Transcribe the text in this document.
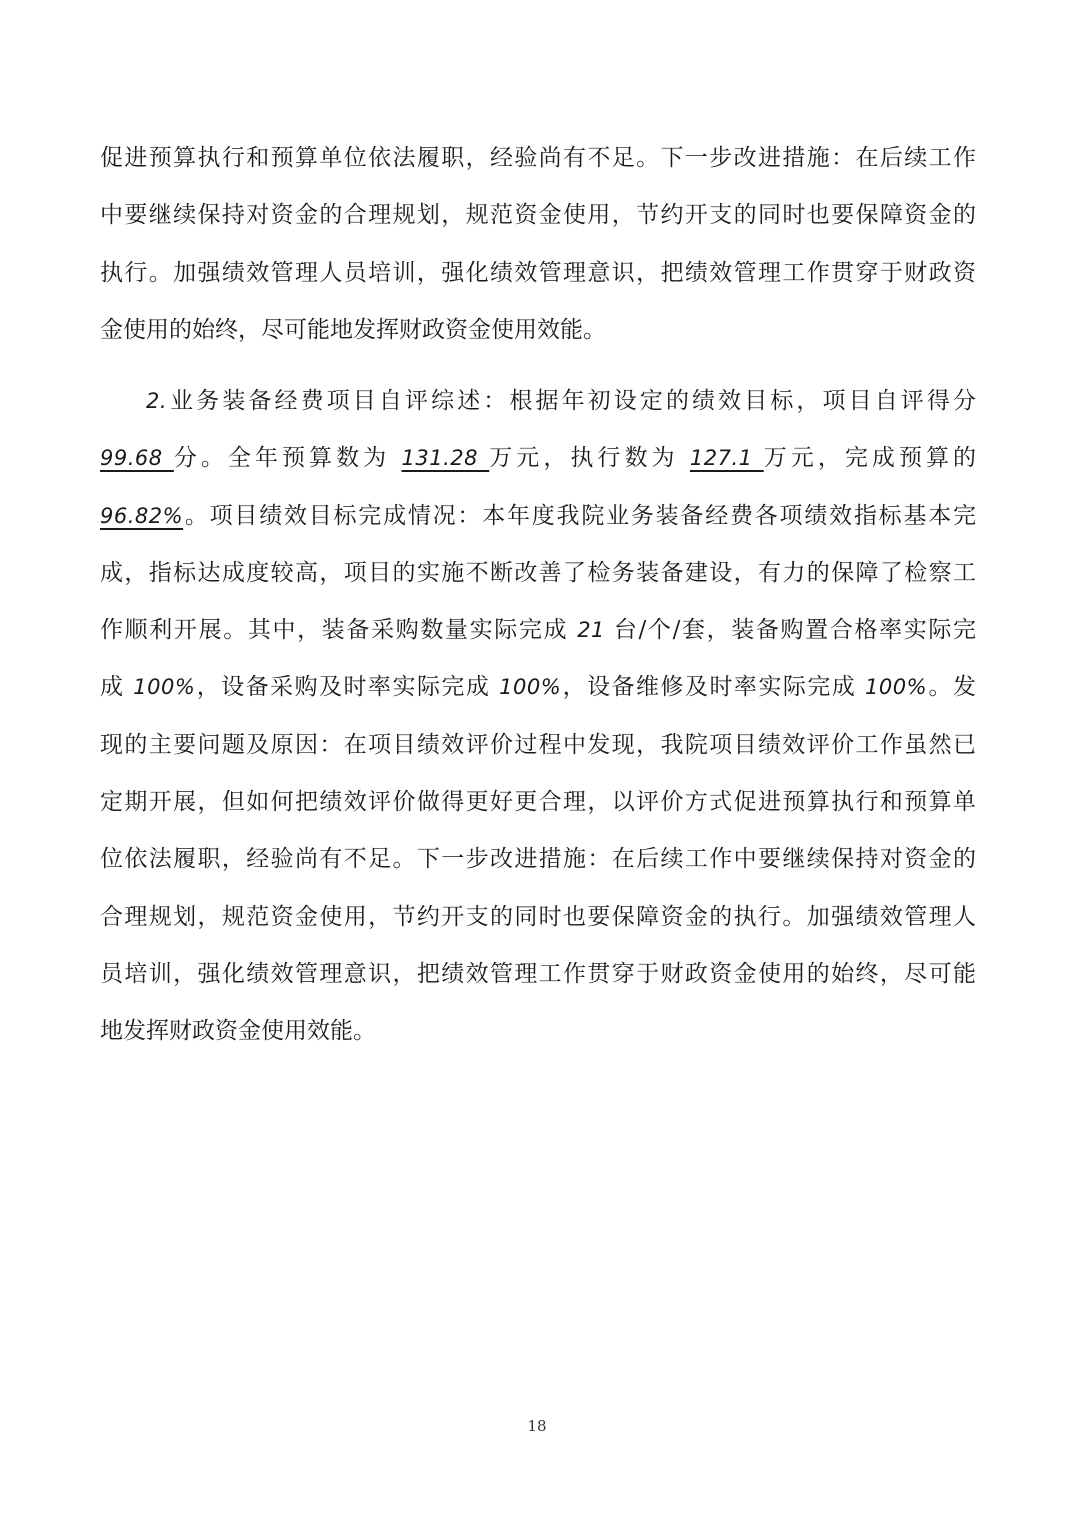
促进预算执行和预算单位依法履职，经验尚有不足。下一步改进措施：在后续工作
中要继续保持对资金的合理规划，规范资金使用，节约开支的同时也要保障资金的
执行。加强绩效管理人员培训，强化绩效管理意识，把绩效管理工作贯穿于财政资
金使用的始终，尽可能地发挥财政资金使用效能。
2.业务装备经费项目自评综述：根据年初设定的绩效目标，项目自评得分
99.68 分。全年预算数为 131.28 万元，执行数为 127.1 万元，完成预算的
96.82%。项目绩效目标完成情况：本年度我院业务装备经费各项绩效指标基本完
成，指标达成度较高，项目的实施不断改善了检务装备建设，有力的保障了检察工
作顺利开展。其中，装备采购数量实际完成 21 台/个/套，装备购置合格率实际完
成 100%，设备采购及时率实际完成 100%，设备维修及时率实际完成 100%。发
现的主要问题及原因：在项目绩效评价过程中发现，我院项目绩效评价工作虽然已
定期开展，但如何把绩效评价做得更好更合理，以评价方式促进预算执行和预算单
位依法履职，经验尚有不足。下一步改进措施：在后续工作中要继续保持对资金的
合理规划，规范资金使用，节约开支的同时也要保障资金的执行。加强绩效管理人
员培训，强化绩效管理意识，把绩效管理工作贯穿于财政资金使用的始终，尽可能
地发挥财政资金使用效能。
18
